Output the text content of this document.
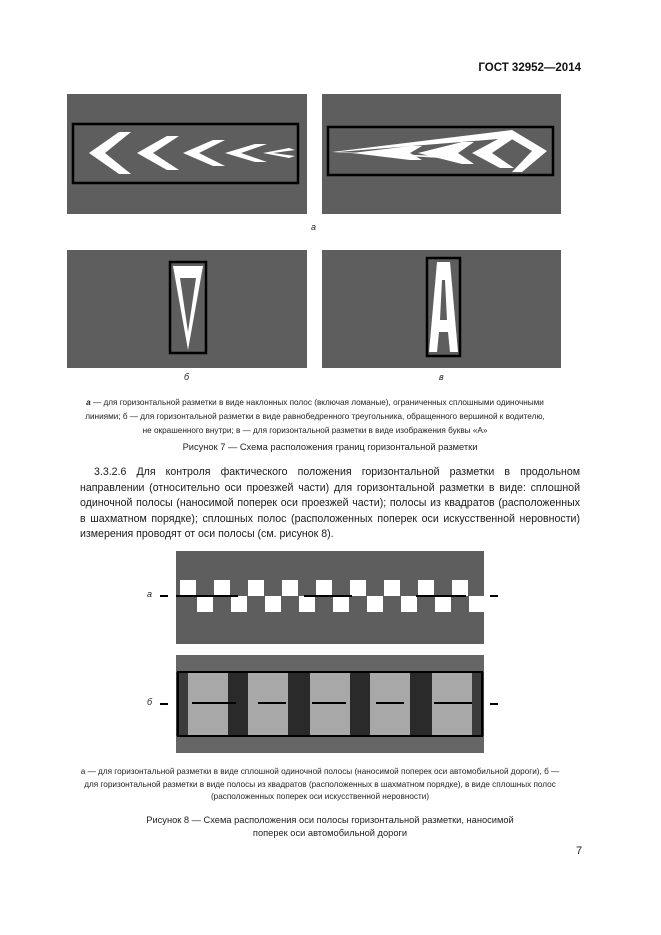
ГОСТ 32952—2014
а
б	в
а — для горизонтальной разметки в виде наклонных полос (включая ломаные), ограниченных сплошными одиночными линиями; б — для горизонтальной разметки в виде равнобедренного треугольника, обращенного вершиной к водителю, не окрашенного внутри; в — для горизонтальной разметки в виде изображения буквы «А»
Рисунок 7 — Схема расположения границ горизонтальной разметки
3.3.2.6 Для контроля фактического положения горизонтальной разметки в продольном направлении (относительно оси проезжей части) для горизонтальной разметки в виде: сплошной одиночной полосы (наносимой поперек оси проезжей части); полосы из квадратов (расположенных в шахматном порядке); сплошных полос (расположенных поперек оси искусственной неровности) измерения проводят от оси полосы (см. рисунок 8).
а
б
а — для горизонтальной разметки в виде сплошной одиночной полосы (наносимой поперек оси автомобильной дороги), б — для горизонтальной разметки в виде полосы из квадратов (расположенных в шахматном порядке), в виде сплошных полос (расположенных поперек оси искусственной неровности)
Рисунок 8 — Схема расположения оси полосы горизонтальной разметки, наносимой
поперек оси автомобильной дороги
7
